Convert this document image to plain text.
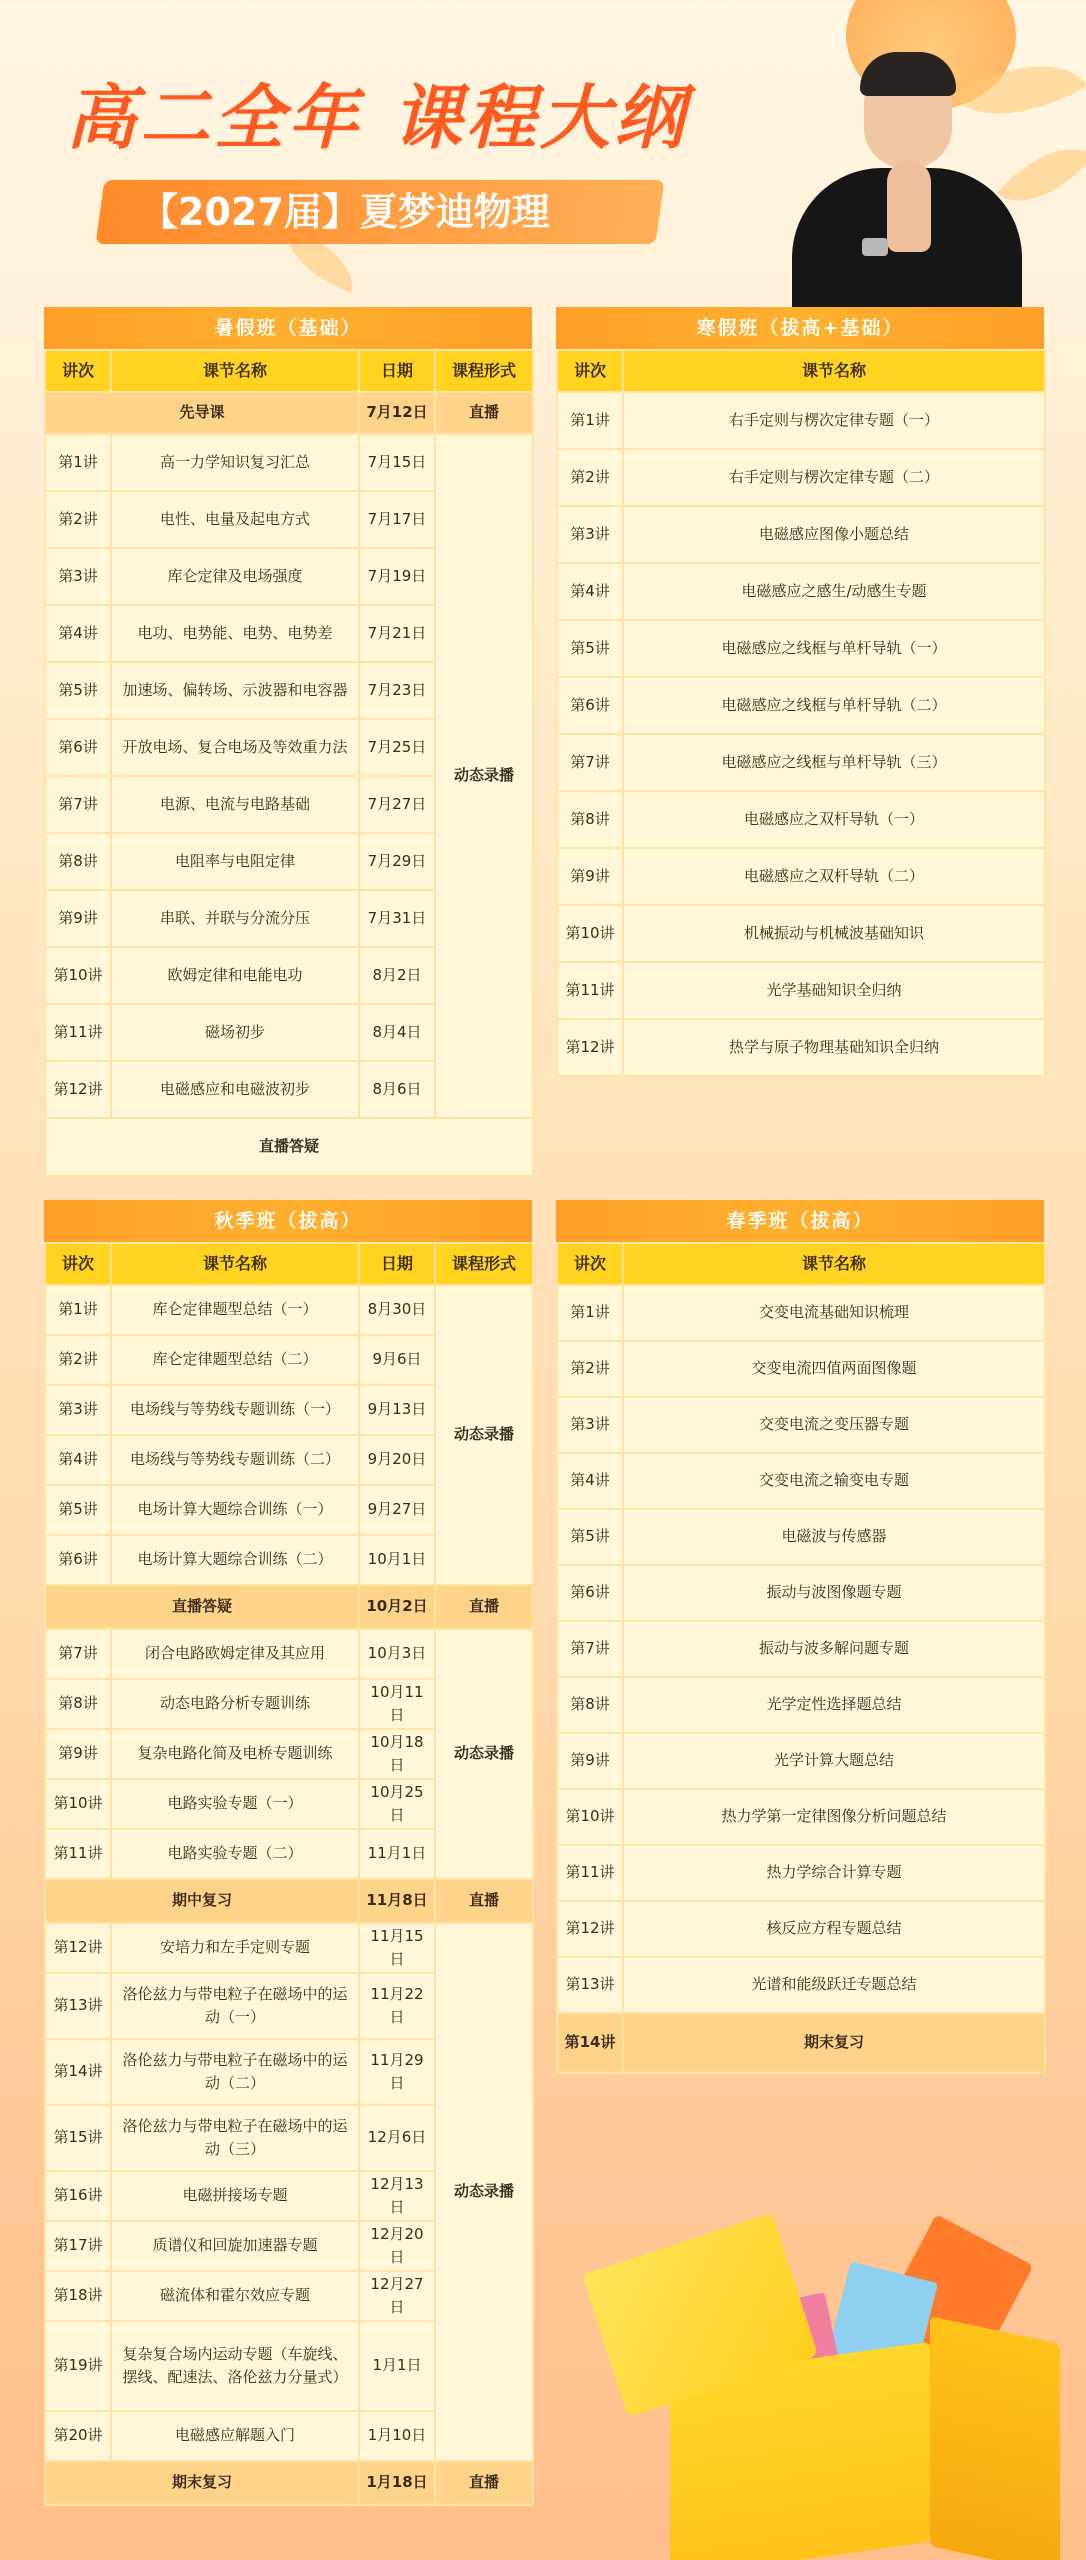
高二全年 课程大纲
【2027届】夏梦迪物理
暑假班（基础）
讲次	课节名称	日期	课程形式
先导课		7月12日	直播
第1讲	高一力学知识复习汇总	7月15日	动态录播
第2讲	电性、电量及起电方式	7月17日	
第3讲	库仑定律及电场强度	7月19日	
第4讲	电功、电势能、电势、电势差	7月21日	
第5讲	加速场、偏转场、示波器和电容器	7月23日	
第6讲	开放电场、复合电场及等效重力法	7月25日	
第7讲	电源、电流与电路基础	7月27日	
第8讲	电阻率与电阻定律	7月29日	
第9讲	串联、并联与分流分压	7月31日	
第10讲	欧姆定律和电能电功	8月2日	
第11讲	磁场初步	8月4日	
第12讲	电磁感应和电磁波初步	8月6日	
直播答疑			
寒假班（拔高+基础）
讲次	课节名称
第1讲	右手定则与楞次定律专题（一）
第2讲	右手定则与楞次定律专题（二）
第3讲	电磁感应图像小题总结
第4讲	电磁感应之感生/动感生专题
第5讲	电磁感应之线框与单杆导轨（一）
第6讲	电磁感应之线框与单杆导轨（二）
第7讲	电磁感应之线框与单杆导轨（三）
第8讲	电磁感应之双杆导轨（一）
第9讲	电磁感应之双杆导轨（二）
第10讲	机械振动与机械波基础知识
第11讲	光学基础知识全归纳
第12讲	热学与原子物理基础知识全归纳
秋季班（拔高）
讲次	课节名称	日期	课程形式
第1讲	库仑定律题型总结（一）	8月30日	动态录播
第2讲	库仑定律题型总结（二）	9月6日	
第3讲	电场线与等势线专题训练（一）	9月13日	
第4讲	电场线与等势线专题训练（二）	9月20日	
第5讲	电场计算大题综合训练（一）	9月27日	
第6讲	电场计算大题综合训练（二）	10月1日	
直播答疑		10月2日	直播
第7讲	闭合电路欧姆定律及其应用	10月3日	动态录播
第8讲	动态电路分析专题训练	10月11日	
第9讲	复杂电路化简及电桥专题训练	10月18日	
第10讲	电路实验专题（一）	10月25日	
第11讲	电路实验专题（二）	11月1日	
期中复习		11月8日	直播
第12讲	安培力和左手定则专题	11月15日	动态录播
第13讲	洛伦兹力与带电粒子在磁场中的运动（一）	11月22日	
第14讲	洛伦兹力与带电粒子在磁场中的运动（二）	11月29日	
第15讲	洛伦兹力与带电粒子在磁场中的运动（三）	12月6日	
第16讲	电磁拼接场专题	12月13日	
第17讲	质谱仪和回旋加速器专题	12月20日	
第18讲	磁流体和霍尔效应专题	12月27日	
第19讲	复杂复合场内运动专题（车旋线、摆线、配速法、洛伦兹力分量式）	1月1日	
第20讲	电磁感应解题入门	1月10日	
期末复习		1月18日	直播
春季班（拔高）
讲次	课节名称
第1讲	交变电流基础知识梳理
第2讲	交变电流四值两面图像题
第3讲	交变电流之变压器专题
第4讲	交变电流之输变电专题
第5讲	电磁波与传感器
第6讲	振动与波图像题专题
第7讲	振动与波多解问题专题
第8讲	光学定性选择题总结
第9讲	光学计算大题总结
第10讲	热力学第一定律图像分析问题总结
第11讲	热力学综合计算专题
第12讲	核反应方程专题总结
第13讲	光谱和能级跃迁专题总结
第14讲	期末复习
